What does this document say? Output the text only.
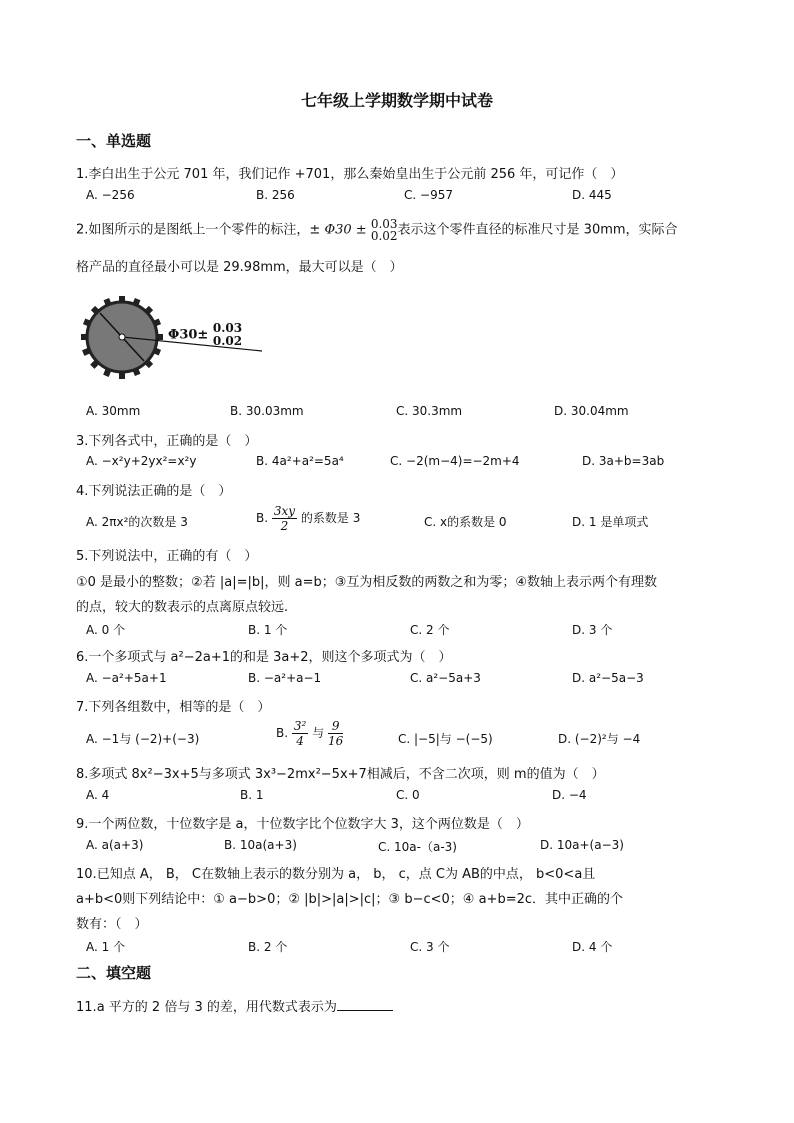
七年级上学期数学期中试卷
一、单选题
1.李白出生于公元 701 年，我们记作 +701，那么秦始皇出生于公元前 256 年，可记作（　）
A. −256	B. 256	C. −957	D. 445
2.如图所示的是图纸上一个零件的标注，± Φ30 ± 0.03
0.02 表示这个零件直径的标准尺寸是 30mm，实际合
格产品的直径最小可以是 29.98mm，最大可以是（　）
Φ30± 0.03
0.02
A. 30mm	B. 30.03mm	C. 30.3mm	D. 30.04mm
3.下列各式中，正确的是（　）
A. −x²y+2yx²=x²y	B. 4a²+a²=5a⁴	C. −2(m−4)=−2m+4	D. 3a+b=3ab
4.下列说法正确的是（　）
A. 2πx²的次数是 3	B. $\frac{3xy}{2}$ 的系数是 3	C. x的系数是 0	D. 1 是单项式
5.下列说法中，正确的有（　）
①0 是最小的整数；②若 |a|=|b|，则 a=b；③互为相反数的两数之和为零；④数轴上表示两个有理数
的点，较大的数表示的点离原点较远.
A. 0 个	B. 1 个	C. 2 个	D. 3 个
6.一个多项式与 a²−2a+1的和是 3a+2，则这个多项式为（　）
A. −a²+5a+1	B. −a²+a−1	C. a²−5a+3	D. a²−5a−3
7.下列各组数中，相等的是（　）
A. −1与 (−2)+(−3)	B. $\frac{\text{3²}}{4}$ 与 $\frac{9}{16}$	C. |−5|与 −(−5)	D. (−2)²与 −4
8.多项式 8x²−3x+5与多项式 3x³−2mx²−5x+7相减后，不含二次项，则 m的值为（　）
A. 4	B. 1	C. 0	D. −4
9.一个两位数，十位数字是 a，十位数字比个位数字大 3，这个两位数是（　）
A. a(a+3)	B. 10a(a+3)	C. 10a-（a-3)	D. 10a+(a−3)
10.已知点 A， B， C在数轴上表示的数分别为 a， b， c，点 C为 AB的中点， b<0<a且
a+b<0则下列结论中：① a−b>0；② |b|>|a|>|c|；③ b−c<0；④ a+b=2c．其中正确的个
数有：（　）
A. 1 个	B. 2 个	C. 3 个	D. 4 个
二、填空题
11.a 平方的 2 倍与 3 的差，用代数式表示为
